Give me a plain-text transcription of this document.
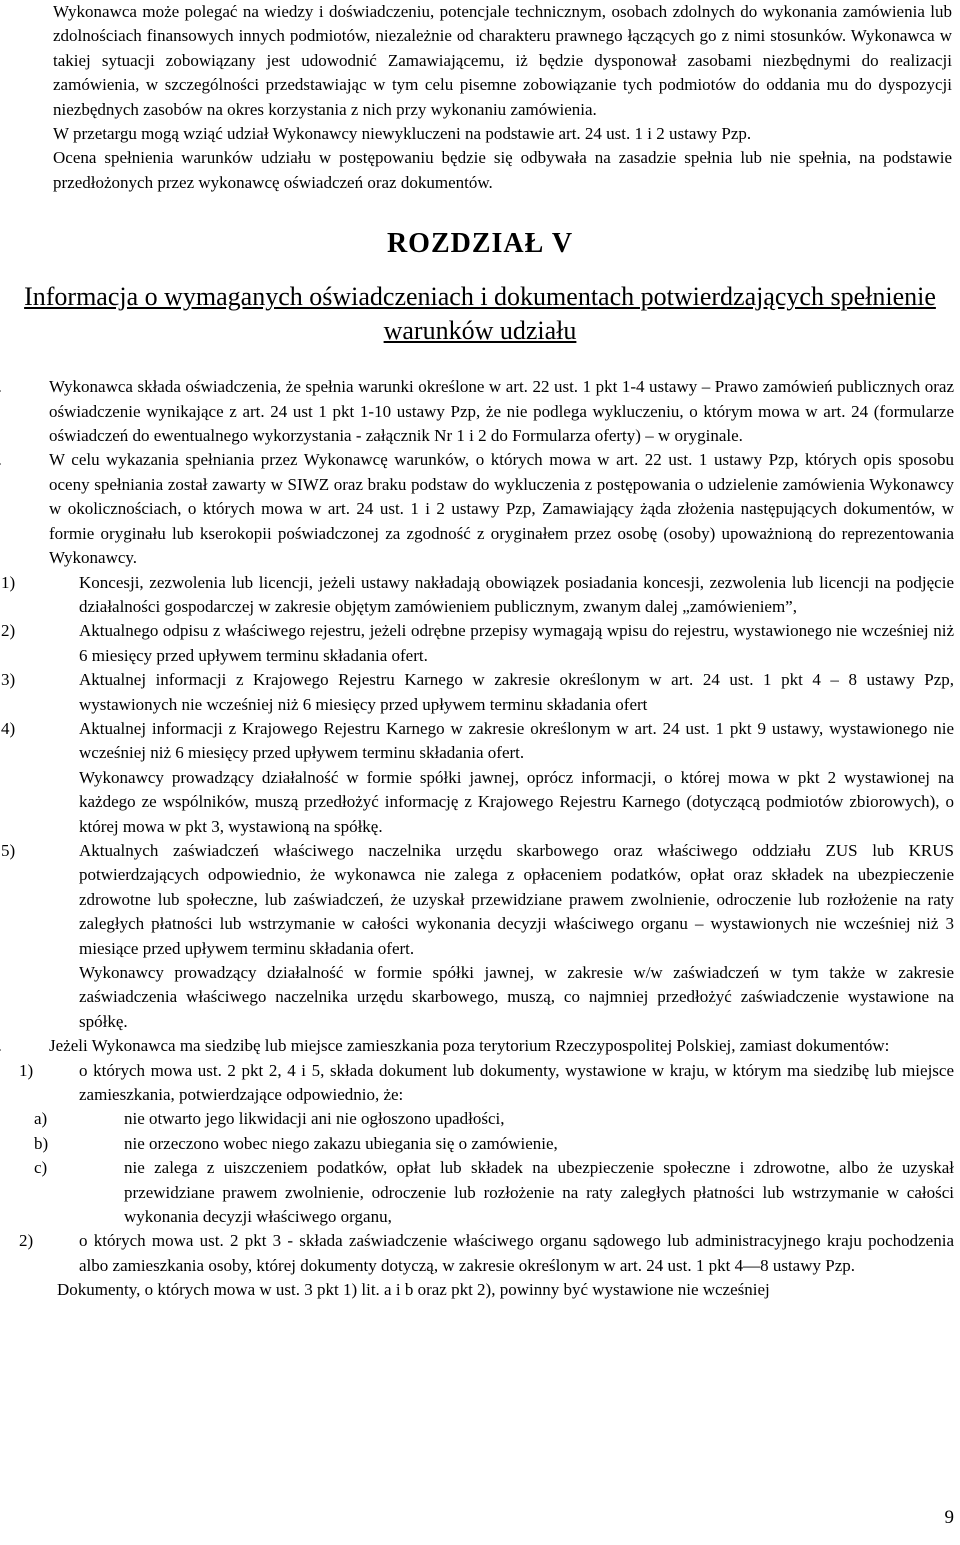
Wykonawca może polegać na wiedzy i doświadczeniu, potencjale technicznym, osobach zdolnych do wykonania zamówienia lub zdolnościach finansowych innych podmiotów, niezależnie od charakteru prawnego łączących go z nimi stosunków. Wykonawca w takiej sytuacji zobowiązany jest udowodnić Zamawiającemu, iż będzie dysponował zasobami niezbędnymi do realizacji zamówienia, w szczególności przedstawiając w tym celu pisemne zobowiązanie tych podmiotów do oddania mu do dyspozycji niezbędnych zasobów na okres korzystania z nich przy wykonaniu zamówienia.
W przetargu mogą wziąć udział Wykonawcy niewykluczeni na podstawie art. 24 ust. 1 i 2 ustawy Pzp.
Ocena spełnienia warunków udziału w postępowaniu będzie się odbywała na zasadzie spełnia lub nie spełnia, na podstawie przedłożonych przez wykonawcę oświadczeń oraz dokumentów.
ROZDZIAŁ V
Informacja o wymaganych oświadczeniach i dokumentach potwierdzających spełnienie warunków udziału
Wykonawca składa oświadczenia, że spełnia warunki określone w art. 22 ust. 1 pkt 1-4 ustawy – Prawo zamówień publicznych oraz oświadczenie wynikające z art. 24 ust 1 pkt 1-10 ustawy Pzp, że nie podlega wykluczeniu, o którym mowa w art. 24 (formularze oświadczeń do ewentualnego wykorzystania - załącznik Nr 1 i 2 do Formularza oferty) – w oryginale.
W celu wykazania spełniania przez Wykonawcę warunków, o których mowa w art. 22 ust. 1 ustawy Pzp, których opis sposobu oceny spełniania został zawarty w SIWZ oraz braku podstaw do wykluczenia z postępowania o udzielenie zamówienia Wykonawcy w okolicznościach, o których mowa w art. 24 ust. 1 i 2 ustawy Pzp, Zamawiający żąda złożenia następujących dokumentów, w formie oryginału lub kserokopii poświadczonej za zgodność z oryginałem przez osobę (osoby) upoważnioną do reprezentowania Wykonawcy.
1)	Koncesji, zezwolenia lub licencji, jeżeli ustawy nakładają obowiązek posiadania koncesji, zezwolenia lub licencji na podjęcie działalności gospodarczej w zakresie objętym zamówieniem publicznym, zwanym dalej „zamówieniem”,
2)	Aktualnego odpisu z właściwego rejestru, jeżeli odrębne przepisy wymagają wpisu do rejestru, wystawionego nie wcześniej niż 6 miesięcy przed upływem terminu składania ofert.
3)	Aktualnej informacji z Krajowego Rejestru Karnego w zakresie określonym w art. 24 ust. 1 pkt 4 – 8 ustawy Pzp, wystawionych nie wcześniej niż 6 miesięcy przed upływem terminu składania ofert
4)	Aktualnej informacji z Krajowego Rejestru Karnego w zakresie określonym w art. 24 ust. 1 pkt 9 ustawy, wystawionego nie wcześniej niż 6 miesięcy przed upływem terminu składania ofert.
Wykonawcy prowadzący działalność w formie spółki jawnej, oprócz informacji, o której mowa w pkt 2 wystawionej na każdego ze wspólników, muszą przedłożyć informację z Krajowego Rejestru Karnego (dotyczącą podmiotów zbiorowych), o której mowa w pkt 3, wystawioną na spółkę.
5)	Aktualnych zaświadczeń właściwego naczelnika urzędu skarbowego oraz właściwego oddziału ZUS lub KRUS potwierdzających odpowiednio, że wykonawca nie zalega z opłaceniem podatków, opłat oraz składek na ubezpieczenie zdrowotne lub społeczne, lub zaświadczeń, że uzyskał przewidziane prawem zwolnienie, odroczenie lub rozłożenie na raty zaległych płatności lub wstrzymanie w całości wykonania decyzji właściwego organu – wystawionych nie wcześniej niż 3 miesiące przed upływem terminu składania ofert.
Wykonawcy prowadzący działalność w formie spółki jawnej, w zakresie w/w zaświadczeń w tym także w zakresie zaświadczenia właściwego naczelnika urzędu skarbowego, muszą, co najmniej przedłożyć zaświadczenie wystawione na spółkę.
Jeżeli Wykonawca ma siedzibę lub miejsce zamieszkania poza terytorium Rzeczypospolitej Polskiej, zamiast dokumentów:
1)	o których mowa ust. 2 pkt 2, 4 i 5, składa dokument lub dokumenty, wystawione w kraju, w którym ma siedzibę lub miejsce zamieszkania, potwierdzające odpowiednio, że:
a)	nie otwarto jego likwidacji ani nie ogłoszono upadłości,
b)	nie orzeczono wobec niego zakazu ubiegania się o zamówienie,
c)	nie zalega z uiszczeniem podatków, opłat lub składek na ubezpieczenie społeczne i zdrowotne, albo że uzyskał przewidziane prawem zwolnienie, odroczenie lub rozłożenie na raty zaległych płatności lub wstrzymanie w całości wykonania decyzji właściwego organu,
2)	o których mowa ust. 2 pkt 3 - składa zaświadczenie właściwego organu sądowego lub administracyjnego kraju pochodzenia albo zamieszkania osoby, której dokumenty dotyczą, w zakresie określonym w art. 24 ust. 1 pkt 4—8 ustawy Pzp.
Dokumenty, o których mowa w ust. 3 pkt 1) lit. a i b oraz pkt 2), powinny być wystawione nie wcześniej
9
